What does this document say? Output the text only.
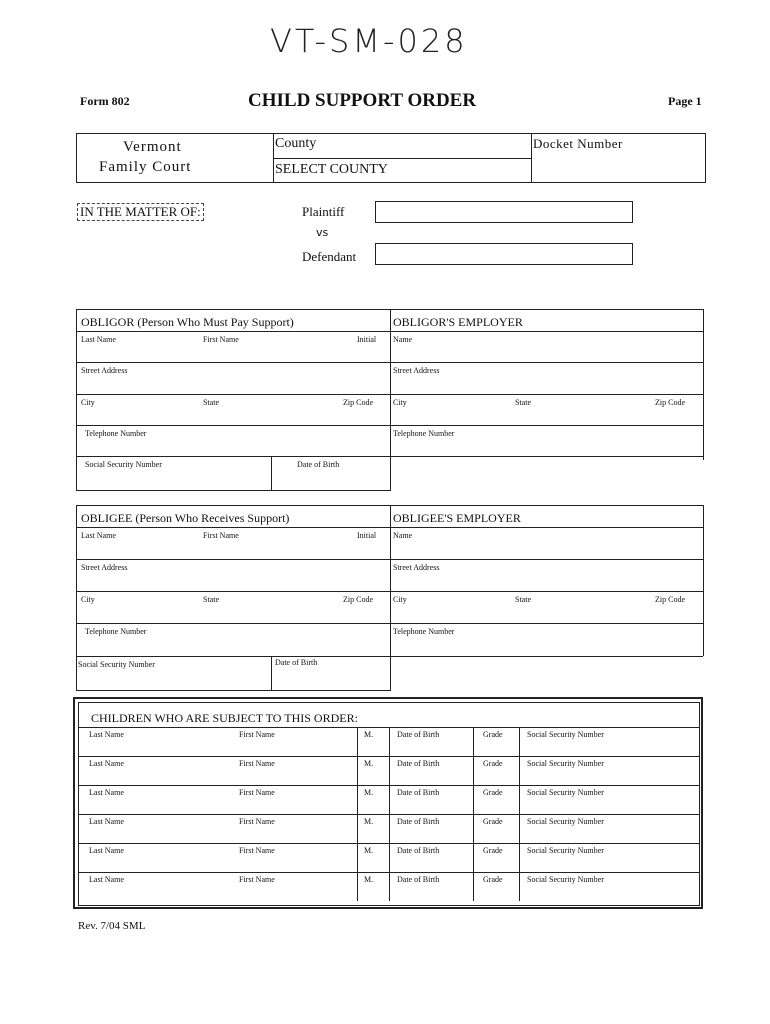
VT-SM-028
Form 802	CHILD SUPPORT ORDER	Page 1
Vermont
Family Court
County
SELECT COUNTY
Docket Number
IN THE MATTER OF:	Plaintiff
vs
Defendant
OBLIGOR (Person Who Must Pay Support)
Last Name	First Name	Initial
Street Address
City	State	Zip Code
Telephone Number
Social Security Number	Date of Birth
OBLIGOR'S EMPLOYER
Name
Street Address
City	State	Zip Code
Telephone Number
OBLIGEE (Person Who Receives Support)
Last Name	First Name	Initial
Street Address
City	State	Zip Code
Telephone Number
Social Security Number	Date of Birth
OBLIGEE'S EMPLOYER
Name
Street Address
City	State	Zip Code
Telephone Number
CHILDREN WHO ARE SUBJECT TO THIS ORDER:
Last Name	First Name	M.	Date of Birth	Grade	Social Security Number
Last Name	First Name	M.	Date of Birth	Grade	Social Security Number
Last Name	First Name	M.	Date of Birth	Grade	Social Security Number
Last Name	First Name	M.	Date of Birth	Grade	Social Security Number
Last Name	First Name	M.	Date of Birth	Grade	Social Security Number
Last Name	First Name	M.	Date of Birth	Grade	Social Security Number
Rev. 7/04 SML
